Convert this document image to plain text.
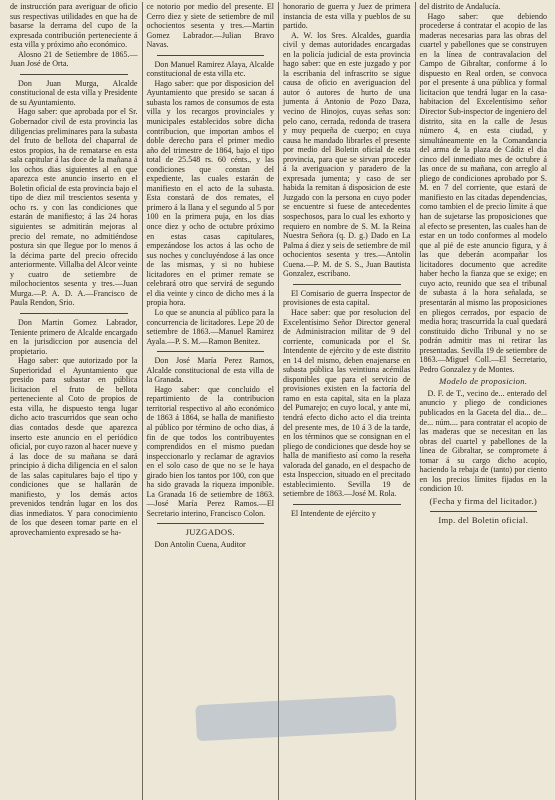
de instrucción para averiguar de oficio sus respectivas utilidades en que ha de basarse la derrama del cupo de la expresada contribución perteneciente á esta villa y próximo año económico.

Alosno 21 de Setiembre de 1865.—Juan José de Orta.

Don Juan Murga, Alcalde constitucional de esta villa y Presidente de su Ayuntamiento.

Hago saber: que aprobada por el Sr. Gobernador civil de esta provincia las diligencias preliminares para la subasta del fruto de bellota del chaparral de estos propios, ha de rematarse en esta sala capitular á las doce de la mañana á los ochos dias siguientes al en que aparezca este anuncio inserto en el Boletin oficial de esta provincia bajo el tipo de diez mil trescientos sesenta y ocho rs. y con las condiciones que estarán de manifiesto; á las 24 horas siguientes se admitirán mejoras al precio del remate, no admitiéndose postura sin que llegue por lo menos á la décima parte del precio ofrecido anteriormente. Villalba del Alcor veinte y cuatro de setiembre de milochocientos sesenta y tres.—Juan Murga.—P. A. D. A.—Francisco de Paula Rendon, Srio.

Don Martin Gomez Labrador, Teniente primero de Alcalde encargado en la jurisdiccion por ausencia del propietario.

Hago saber: que autorizado por la Superioridad el Ayuntamiento que presido para subastar en pública licitacion el fruto de bellota perteneciente al Coto de propios de esta villa, he dispuesto tenga lugar dicho acto trascurridos que sean ocho dias contados desde que aparezca inserto este anuncio en el periódico oficial, por cuyo razon al hacer nueve y á las doce de su mañana se dará principio á dicha diligencia en el salon de las salas capitulares bajo el tipo y condiciones que se hallarán de manifiesto, y los demás actos prevenidos tendrán lugar en los dos dias inmediatos. Y para conocimiento de los que deseen tomar parte en el aprovechamiento expresado se ha-

ce notorio por medio del presente. El Cerro diez y siete de setiembre de mil ochocientos sesenta y tres.—Martin Gomez Labrador.—Julian Bravo Navas.

Don Manuel Ramirez Alaya, Alcalde constitucional de esta villa etc.

Hago saber: que por disposicion del Ayuntamiento que presido se sacan á subasta los ramos de consumos de esta villa y los recargos provinciales y municipales establecidos sobre dicha contribucion, que importan ambos el doble derecho para el primer medio año del trimestre de 1864, bajo el tipo total de 25.548 rs. 60 cénts., y las condiciones que constan del expediente, las cuales estarán de manifiesto en el acto de la subasta. Esta constará de dos remates, el primero á la llana y el segundo al 5 por 100 en la primera puja, en los dias once diez y ocho de octubre próximo en estas casas capitulares, empezándose los actos á las ocho de sus noches y concluyéndose á las once de las mismas, y si no hubiese licitadores en el primer remate se celebrará otro que servirá de segundo el dia veinte y cinco de dicho mes á la propia hora.

Lo que se anuncia al público para la concurrencia de licitadores. Lepe 20 de setiembre de 1863.—Manuel Ramirez Ayala.—P. S. M.—Ramon Benitez.

Don José María Perez Ramos, Alcalde constitucional de esta villa de la Granada.

Hago saber: que concluido el repartimiento de la contribucion territorial respectivo al año económico de 1863 á 1864, se halla de manifiesto al público por término de ocho dias, á fin de que todos los contribuyentes comprendidos en el mismo puedan inspeccionarlo y reclamar de agravios en el solo caso de que no se le haya girado bien los tantos por 100, con que ha sido gravada la riqueza imponible. La Granada 16 de setiembre de 1863.—José María Perez Ramos.—El Secretario interino, Francisco Colon.

JUZGADOS.

Don Antolin Cuena, Auditor

honorario de guerra y Juez de primera instancia de esta villa y pueblos de su partido.

A. W. los Sres. Alcaldes, guardia civil y demas autoridades encargadas en la policía judicial de esta provincia hago saber: que en este juzgado y por la escribania del infrascrito se sigue causa de oficio en averiguacion del autor ó autores de hurto de una jumenta á Antonio de Pozo Daza, vecino de Hinojos, cuyas señas son: pelo cano, cerrada, redonda de trasera y muy pequeña de cuerpo; en cuya causa he mandado librarles el presente por medio del Boletin oficial de esta provincia, para que se sirvan proceder á la averiguacion y paradero de la expresada jumenta; y caso de ser habida la remitan á disposicion de este Juzgado con la persona en cuyo poder se encuentre si fuese de antecedentes sospechosos, para lo cual les exhorto y requiero en nombre de S. M. la Reina Nuestra Señora (q. D. g.) Dado en La Palma á diez y seis de setiembre de mil ochocientos sesenta y tres.—Antolin Cuena.—P. M. de S. S., Juan Bautista Gonzalez, escribano.

El Comisario de guerra Inspector de provisiones de esta capital.

Hace saber: que por resolucion del Excelentísimo Señor Director general de Administracion militar de 9 del corriente, comunicada por el Sr. Intendente de ejército y de este distrito en 14 del mismo, deben enajenarse en subasta pública las veintiuna acémilas disponibles que para el servicio de provisiones existen en la factoría del ramo en esta capital, sita en la plaza del Pumarejo; en cuyo local, y ante mí, tendrá efecto dicho acto el dia treinta del presente mes, de 10 á 3 de la tarde, en los términos que se consignan en el pliego de condiciones que desde hoy se halla de manifiesto así como la reseña valorada del ganado, en el despacho de esta Inspeccion, situado en el precitado establecimiento. Sevilla 19 de setiembre de 1863.—José M. Rola.

El Intendente de ejército y

del distrito de Andalucía.

Hago saber: que debiendo procederse á contratar el acopio de las maderas necesarias para las obras del cuartel y pabellones que se construyen en la línea de contravalacion del Campo de Gibraltar, conforme á lo dispuesto en Real orden, se convoca por el presente á una pública y formal licitacion que tendrá lugar en la casa-habitacion del Excelentísimo señor Director Sub-inspector de ingeniero del distrito, sita en la calle de Jesus número 4, en esta ciudad, y simultáneamente en la Comandancia del arma de la plaza de Cádiz el dia cinco del inmediato mes de octubre á las once de su mañana, con arreglo al pliego de condiciones aprobado por S. M. en 7 del corriente, que estará de manifiesto en las citadas dependencias, como tambien el de precio límite á que han de sujetarse las proposiciones que al efecto se presenten, las cuales han de estar en un todo conformes al modelo que al pié de este anuncio figura, y á las que deberán acompañar los licitadores documento que acredite haber hecho la fianza que se exige; en cuyo acto, reunido que sea el tribunal de subasta á la hora señalada, se presentarán al mismo las proposiciones en pliegos cerrados, por espacio de media hora; trascurrida la cual quedará constituido dicho Tribunal y no se podrán admitir mas ni retirar las presentadas. Sevilla 19 de setiembre de 1863.—Miguel Coll.—El Secretario, Pedro Gonzalez y de Montes.

Modelo de proposicion.

D. F. de T., vecino de... enterado del anuncio y pliego de condiciones publicados en la Gaceta del dia... de... de... núm.... para contratar el acopio de las maderas que se necesitan en las obras del cuartel y pabellones de la línea de Gibraltar, se compromete á tomar á su cargo dicho acopio, haciendo la rebaja de (tanto) por ciento en los precios límites fijados en la condicion 10.

(Fecha y firma del licitador.)

Imp. del Boletin oficial.
